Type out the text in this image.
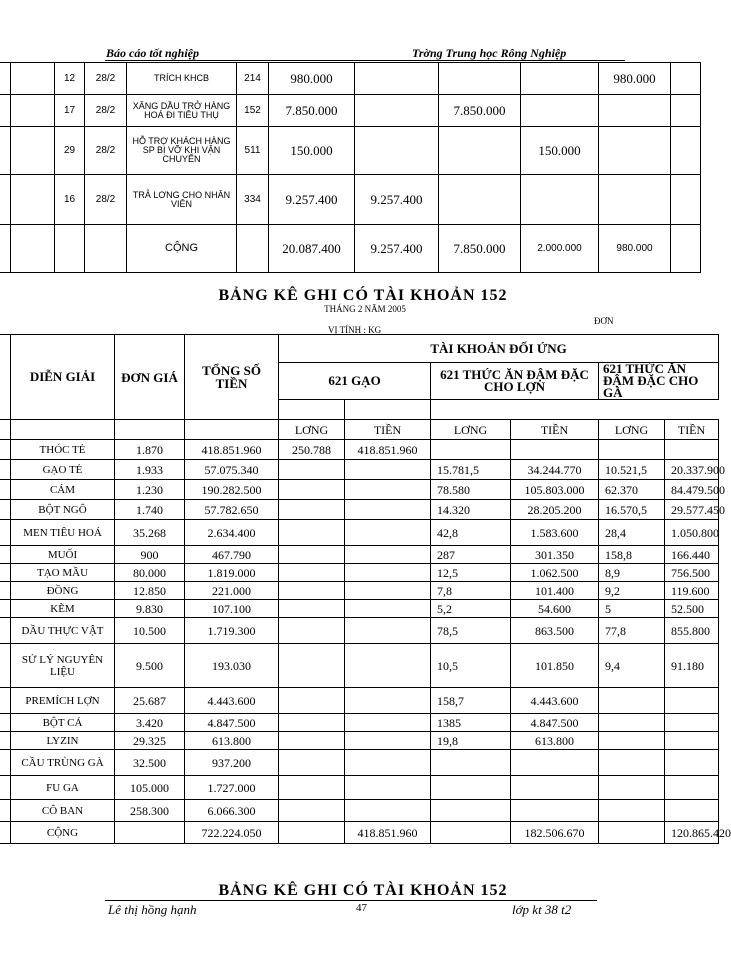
Báo cáo tốt nghiệp	Trờng Trung học Rông Nghiệp
		12	28/2	TRÍCH KHCB	214	980.000				980.000	
		17	28/2	XĂNG DẦU TRỞ HÀNG HOÁ ĐI TIÊU THỤ	152	7.850.000		7.850.000			
		29	28/2	HỖ TRỢ KHÁCH HÀNG SP BỊ VỠ KHI VẬN CHUYỂN	511	150.000			150.000		
		16	28/2	TRẢ LƠNG CHO NHÂN VIÊN	334	9.257.400	9.257.400				
				CỘNG		20.087.400	9.257.400	7.850.000	2.000.000	980.000	
BẢNG KÊ GHI CÓ TÀI KHOẢN 152
THÁNG 2 NĂM 2005
ĐƠN
VỊ TÍNH : KG
	DIỄN GIẢI	ĐƠN GIÁ	TỔNG SỐ TIỀN	TÀI KHOẢN ĐỐI ỨNG					
				621 GẠO		621 THỨC ĂN ĐẬM ĐẶC CHO LỢN		621 THỨC ĂN ĐẬM ĐẶC CHO GÀ	

				LƠNG	TIỀN	LƠNG	TIỀN	LƠNG	TIỀN
	THÓC TẺ	1.870	418.851.960	250.788	418.851.960				
	GẠO TẺ	1.933	57.075.340			15.781,5	34.244.770	10.521,5	20.337.900
	CÁM	1.230	190.282.500			78.580	105.803.000	62.370	84.479.500
	BỘT NGÔ	1.740	57.782.650			14.320	28.205.200	16.570,5	29.577.450
	MEN TIÊU HOÁ	35.268	2.634.400			42,8	1.583.600	28,4	1.050.800
	MUỐI	900	467.790			287	301.350	158,8	166.440
	TẠO MẦU	80.000	1.819.000			12,5	1.062.500	8,9	756.500
	ĐỒNG	12.850	221.000			7,8	101.400	9,2	119.600
	KẼM	9.830	107.100			5,2	54.600	5	52.500
	DẦU THỰC VẬT	10.500	1.719.300			78,5	863.500	77,8	855.800
	SỬ LÝ NGUYÊN LIỆU	9.500	193.030			10,5	101.850	9,4	91.180
	PREMÍCH LỢN	25.687	4.443.600			158,7	4.443.600		
	BỘT CÁ	3.420	4.847.500			1385	4.847.500		
	LYZIN	29.325	613.800			19,8	613.800		
	CẦU TRÙNG GÀ	32.500	937.200						
	FU GA	105.000	1.727.000						
	CÔ BAN	258.300	6.066.300						
	CỘNG		722.224.050		418.851.960		182.506.670		120.865.420
BẢNG KÊ GHI CÓ TÀI KHOẢN 152
Lê thị hồng hạnh	47	lớp kt 38 t2
